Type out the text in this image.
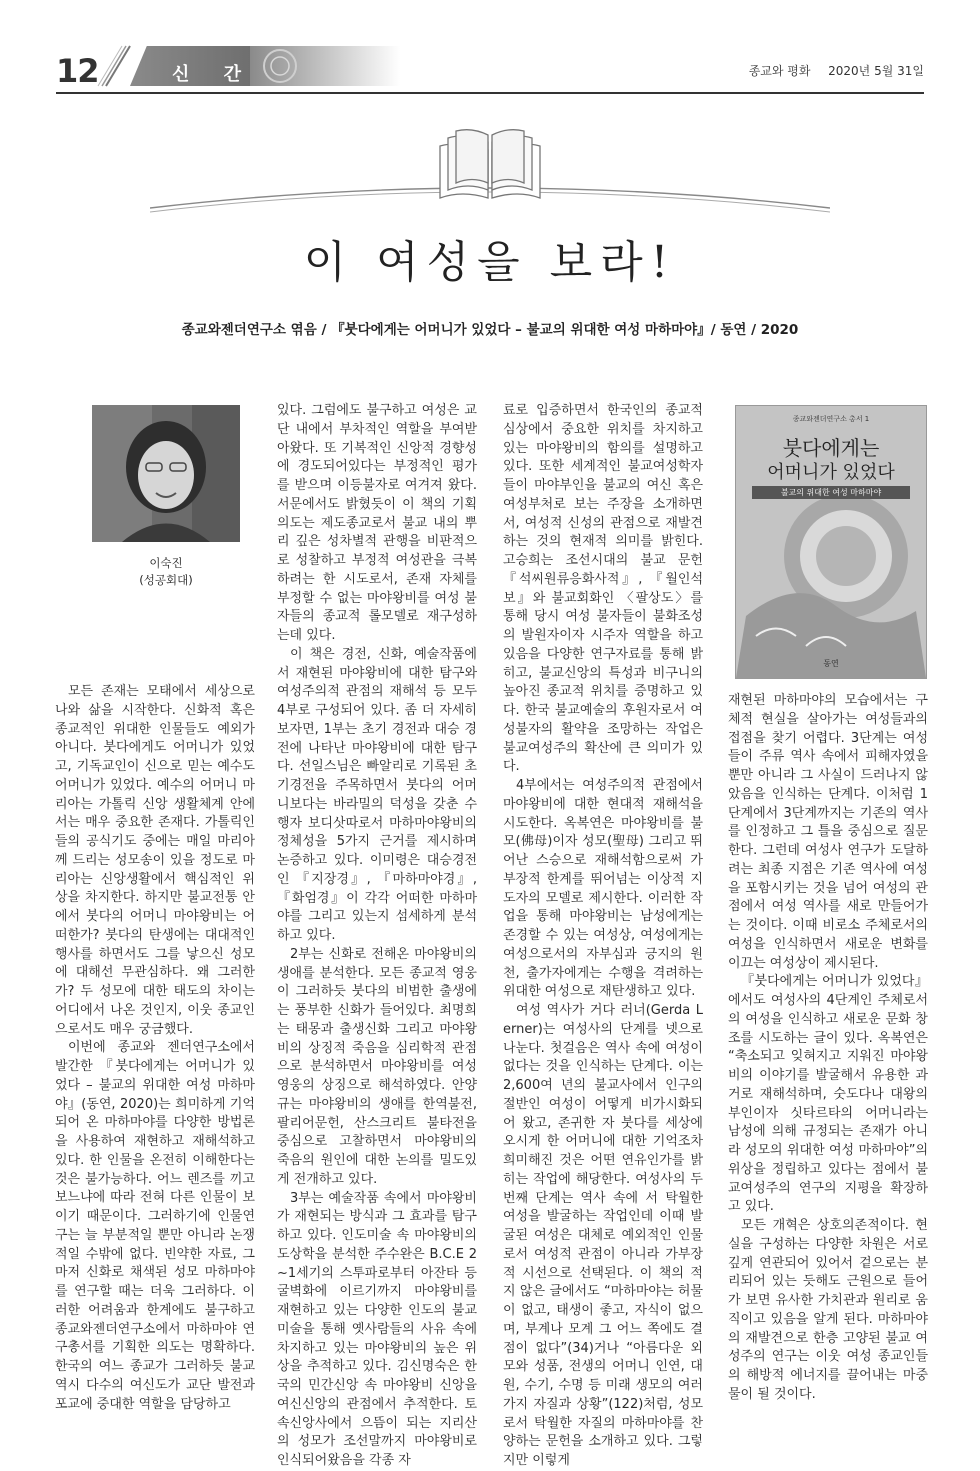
12	신 간	종교와 평화 2020년 5월 31일
이 여성을 보라!
종교와젠더연구소 엮음 / 『붓다에게는 어머니가 있었다 – 불교의 위대한 여성 마하마야』/ 동연 / 2020
이숙진
(성공회대)
종교와젠더연구소 총서 1
붓다에게는
어머니가 있었다
불교의 위대한 여성 마하마야
동연

모든 존재는 모태에서 세상으로 나와 삶을 시작한다. 신화적 혹은 종교적인 위대한 인물들도 예외가 아니다. 붓다에게도 어머니가 있었고, 기독교인이 신으로 믿는 예수도 어머니가 있었다. 예수의 어머니 마리아는 가톨릭 신앙 생활체계 안에서는 매우 중요한 존재다. 가톨릭인들의 공식기도 중에는 매일 마리아께 드리는 성모송이 있을 정도로 마리아는 신앙생활에서 핵심적인 위상을 차지한다. 하지만 불교전통 안에서 붓다의 어머니 마야왕비는 어떠한가? 붓다의 탄생에는 대대적인 행사를 하면서도 그를 낳으신 성모에 대해선 무관심하다. 왜 그러한가? 두 성모에 대한 태도의 차이는 어디에서 나온 것인지, 이웃 종교인으로서도 매우 궁금했다.

이번에 종교와 젠더연구소에서 발간한 『붓다에게는 어머니가 있었다 – 불교의 위대한 여성 마하마야』(동연, 2020)는 희미하게 기억되어 온 마하마야를 다양한 방법론을 사용하여 재현하고 재해석하고 있다. 한 인물을 온전히 이해한다는 것은 불가능하다. 어느 렌즈를 끼고 보느냐에 따라 전혀 다른 인물이 보이기 때문이다. 그러하기에 인물연구는 늘 부분적일 뿐만 아니라 논쟁적일 수밖에 없다. 빈약한 자료, 그마저 신화로 채색된 성모 마하마야를 연구할 때는 더욱 그러하다. 이러한 어려움과 한계에도 불구하고 종교와젠더연구소에서 마하마야 연구총서를 기획한 의도는 명확하다. 한국의 여느 종교가 그러하듯 불교 역시 다수의 여신도가 교단 발전과 포교에 중대한 역할을 담당하고

있다. 그럼에도 불구하고 여성은 교단 내에서 부차적인 역할을 부여받아왔다. 또 기복적인 신앙적 경향성에 경도되어있다는 부정적인 평가를 받으며 이등불자로 여겨져 왔다. 서문에서도 밝혔듯이 이 책의 기획 의도는 제도종교로서 불교 내의 뿌리 깊은 성차별적 관행을 비판적으로 성찰하고 부정적 여성관을 극복하려는 한 시도로서, 존재 자체를 부정할 수 없는 마야왕비를 여성 불자들의 종교적 롤모델로 재구성하는데 있다.

이 책은 경전, 신화, 예술작품에서 재현된 마야왕비에 대한 탐구와 여성주의적 관점의 재해석 등 모두 4부로 구성되어 있다. 좀 더 자세히 보자면, 1부는 초기 경전과 대승 경전에 나타난 마야왕비에 대한 탐구다. 선일스님은 빠알리로 기록된 초기경전을 주목하면서 붓다의 어머니보다는 바라밀의 덕성을 갖춘 수행자 보디삿따로서 마하마야왕비의 정체성을 5가지 근거를 제시하며 논증하고 있다. 이미령은 대승경전인 『지장경』, 『마하마야경』, 『화엄경』이 각각 어떠한 마하마야를 그리고 있는지 섬세하게 분석하고 있다.

2부는 신화로 전해온 마야왕비의 생애를 분석한다. 모든 종교적 영웅이 그러하듯 붓다의 비범한 출생에는 풍부한 신화가 들어있다. 최명희는 태몽과 출생신화 그리고 마야왕비의 상징적 죽음을 심리학적 관점으로 분석하면서 마야왕비를 여성영웅의 상징으로 해석하였다. 안양규는 마야왕비의 생애를 한역불전, 팔리어문헌, 산스크리트 불타전을 중심으로 고찰하면서 마야왕비의 죽음의 원인에 대한 논의를 밀도있게 전개하고 있다.

3부는 예술작품 속에서 마야왕비가 재현되는 방식과 그 효과를 탐구하고 있다. 인도미술 속 마야왕비의 도상학을 분석한 주수완은 B.C.E 2~1세기의 스투파로부터 아잔타 등굴벽화에 이르기까지 마야왕비를 재현하고 있는 다양한 인도의 불교미술을 통해 옛사람들의 사유 속에 차지하고 있는 마야왕비의 높은 위상을 추적하고 있다. 김신명숙은 한국의 민간신앙 속 마야왕비 신앙을 여신신앙의 관점에서 추적한다. 토속신앙사에서 으뜸이 되는 지리산의 성모가 조선말까지 마야왕비로 인식되어왔음을 각종 자

료로 입증하면서 한국인의 종교적 심상에서 중요한 위치를 차지하고 있는 마야왕비의 함의를 설명하고 있다. 또한 세계적인 불교여성학자들이 마야부인을 불교의 여신 혹은 여성부처로 보는 주장을 소개하면서, 여성적 신성의 관점으로 재발견하는 것의 현재적 의미를 밝힌다. 고승희는 조선시대의 불교 문헌 『석씨원류응화사적』, 『월인석보』와 불교회화인 〈팔상도〉를 통해 당시 여성 불자들이 불화조성의 발원자이자 시주자 역할을 하고 있음을 다양한 연구자료를 통해 밝히고, 불교신앙의 특성과 비구니의 높아진 종교적 위치를 증명하고 있다. 한국 불교예술의 후원자로서 여성불자의 활약을 조망하는 작업은 불교여성주의 확산에 큰 의미가 있다.

4부에서는 여성주의적 관점에서 마야왕비에 대한 현대적 재해석을 시도한다. 옥복연은 마야왕비를 불모(佛母)이자 성모(聖母) 그리고 뛰어난 스승으로 재해석함으로써 가부장적 한계를 뛰어넘는 이상적 지도자의 모델로 제시한다. 이러한 작업을 통해 마야왕비는 남성에게는 존경할 수 있는 여성상, 여성에게는 여성으로서의 자부심과 긍지의 원천, 출가자에게는 수행을 격려하는 위대한 여성으로 재탄생하고 있다.

여성 역사가 거다 러너(Gerda Lerner)는 여성사의 단계를 넷으로 나눈다. 첫걸음은 역사 속에 여성이 없다는 것을 인식하는 단계다. 이는 2,600여 년의 불교사에서 인구의 절반인 여성이 어떻게 비가시화되어 왔고, 존귀한 자 붓다를 세상에 오시게 한 어머니에 대한 기억조차 희미해진 것은 어떤 연유인가를 밝히는 작업에 해당한다. 여성사의 두 번째 단계는 역사 속에 서 탁월한 여성을 발굴하는 작업인데 이때 발굴된 여성은 대체로 예외적인 인물로서 여성적 관점이 아니라 가부장적 시선으로 선택된다. 이 책의 적지 않은 글에서도 “마하마야는 허물이 없고, 태생이 좋고, 자식이 없으며, 부계나 모계 그 어느 쪽에도 결점이 없다”(34)거나 “아름다운 외모와 성품, 전생의 어머니 인연, 대원, 수기, 수명 등 미래 생모의 여러 가지 자질과 상황”(122)처럼, 성모로서 탁월한 자질의 마하마야를 찬양하는 문헌을 소개하고 있다. 그렇지만 이렇게

재현된 마하마야의 모습에서는 구체적 현실을 살아가는 여성들과의 접점을 찾기 어렵다. 3단계는 여성들이 주류 역사 속에서 피해자였을 뿐만 아니라 그 사실이 드러나지 않았음을 인식하는 단계다. 이처럼 1단계에서 3단계까지는 기존의 역사를 인정하고 그 틀을 중심으로 질문한다. 그런데 여성사 연구가 도달하려는 최종 지점은 기존 역사에 여성을 포함시키는 것을 넘어 여성의 관점에서 여성 역사를 새로 만들어가는 것이다. 이때 비로소 주체로서의 여성을 인식하면서 새로운 변화를 이끄는 여성상이 제시된다.

『붓다에게는 어머니가 있었다』에서도 여성사의 4단계인 주체로서의 여성을 인식하고 새로운 문화 창조를 시도하는 글이 있다. 옥복연은 “축소되고 잊혀지고 지워진 마야왕비의 이야기를 발굴해서 유용한 과거로 재해석하며, 숫도다나 대왕의 부인이자 싯타르타의 어머니라는 남성에 의해 규정되는 존재가 아니라 성모의 위대한 여성 마하마야”의 위상을 정립하고 있다는 점에서 불교여성주의 연구의 지평을 확장하고 있다.

모든 개혁은 상호의존적이다. 현실을 구성하는 다양한 차원은 서로 깊게 연관되어 있어서 겉으로는 분리되어 있는 듯해도 근원으로 들어가 보면 유사한 가치관과 원리로 움직이고 있음을 알게 된다. 마하마야의 재발견으로 한층 고양된 불교 여성주의 연구는 이웃 여성 종교인들의 해방적 에너지를 끌어내는 마중물이 될 것이다.
